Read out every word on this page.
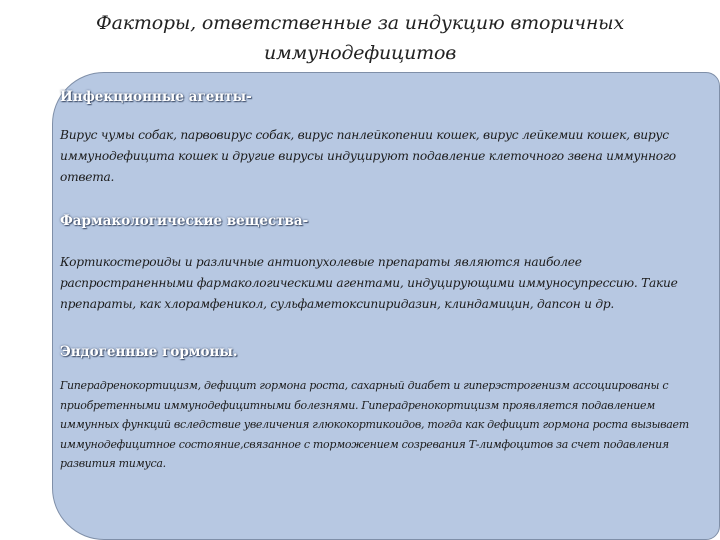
Факторы, ответственные за индукцию вторичных иммунодефицитов

Инфекционные агенты-

Вирус чумы собак, парвовирус собак, вирус панлейкопении кошек, вирус лейкемии кошек, вирус иммунодефицита кошек и другие вирусы индуцируют подавление клеточного звена иммунного ответа.

Фармакологические вещества-

Кортикостероиды и различные антиопухолевые препараты являются наиболее распространенными фармакологическими агентами, индуцирующими иммуносупрессию. Такие препараты, как хлорамфеникол, сульфаметоксипиридазин, клиндамицин, дапсон и др.

Эндогенные гормоны.

Гиперадренокортицизм, дефицит гормона роста, сахарный диабет и гиперэстрогенизм ассоциированы с приобретенными иммунодефицитными болезнями. Гиперадренокортицизм проявляется подавлением иммунных функций вследствие увеличения глюкокортикоидов, тогда как дефицит гормона роста вызывает иммунодефицитное состояние,связанное с торможением созревания Т-лимфоцитов за счет подавления развития тимуса.
